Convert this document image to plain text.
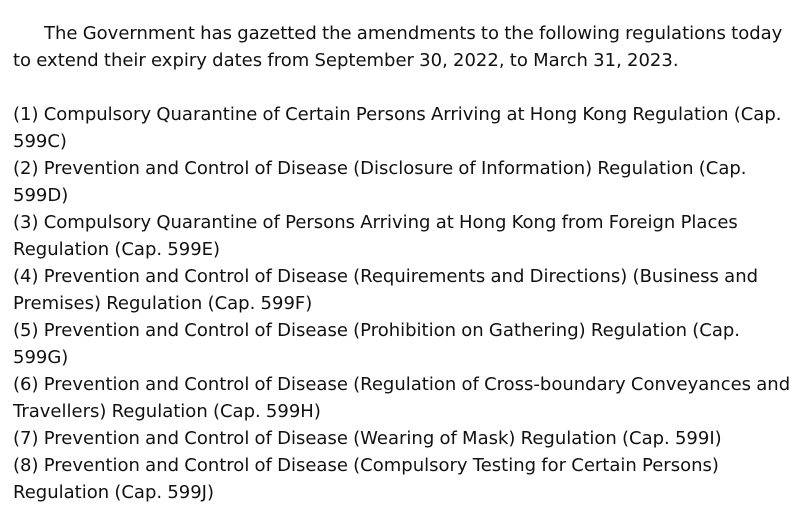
The Government has gazetted the amendments to the following regulations today to extend their expiry dates from September 30, 2022, to March 31, 2023.

(1) Compulsory Quarantine of Certain Persons Arriving at Hong Kong Regulation (Cap. 599C)
(2) Prevention and Control of Disease (Disclosure of Information) Regulation (Cap. 599D)
(3) Compulsory Quarantine of Persons Arriving at Hong Kong from Foreign Places Regulation (Cap. 599E)
(4) Prevention and Control of Disease (Requirements and Directions) (Business and Premises) Regulation (Cap. 599F)
(5) Prevention and Control of Disease (Prohibition on Gathering) Regulation (Cap. 599G)
(6) Prevention and Control of Disease (Regulation of Cross-boundary Conveyances and Travellers) Regulation (Cap. 599H)
(7) Prevention and Control of Disease (Wearing of Mask) Regulation (Cap. 599I)
(8) Prevention and Control of Disease (Compulsory Testing for Certain Persons) Regulation (Cap. 599J)
